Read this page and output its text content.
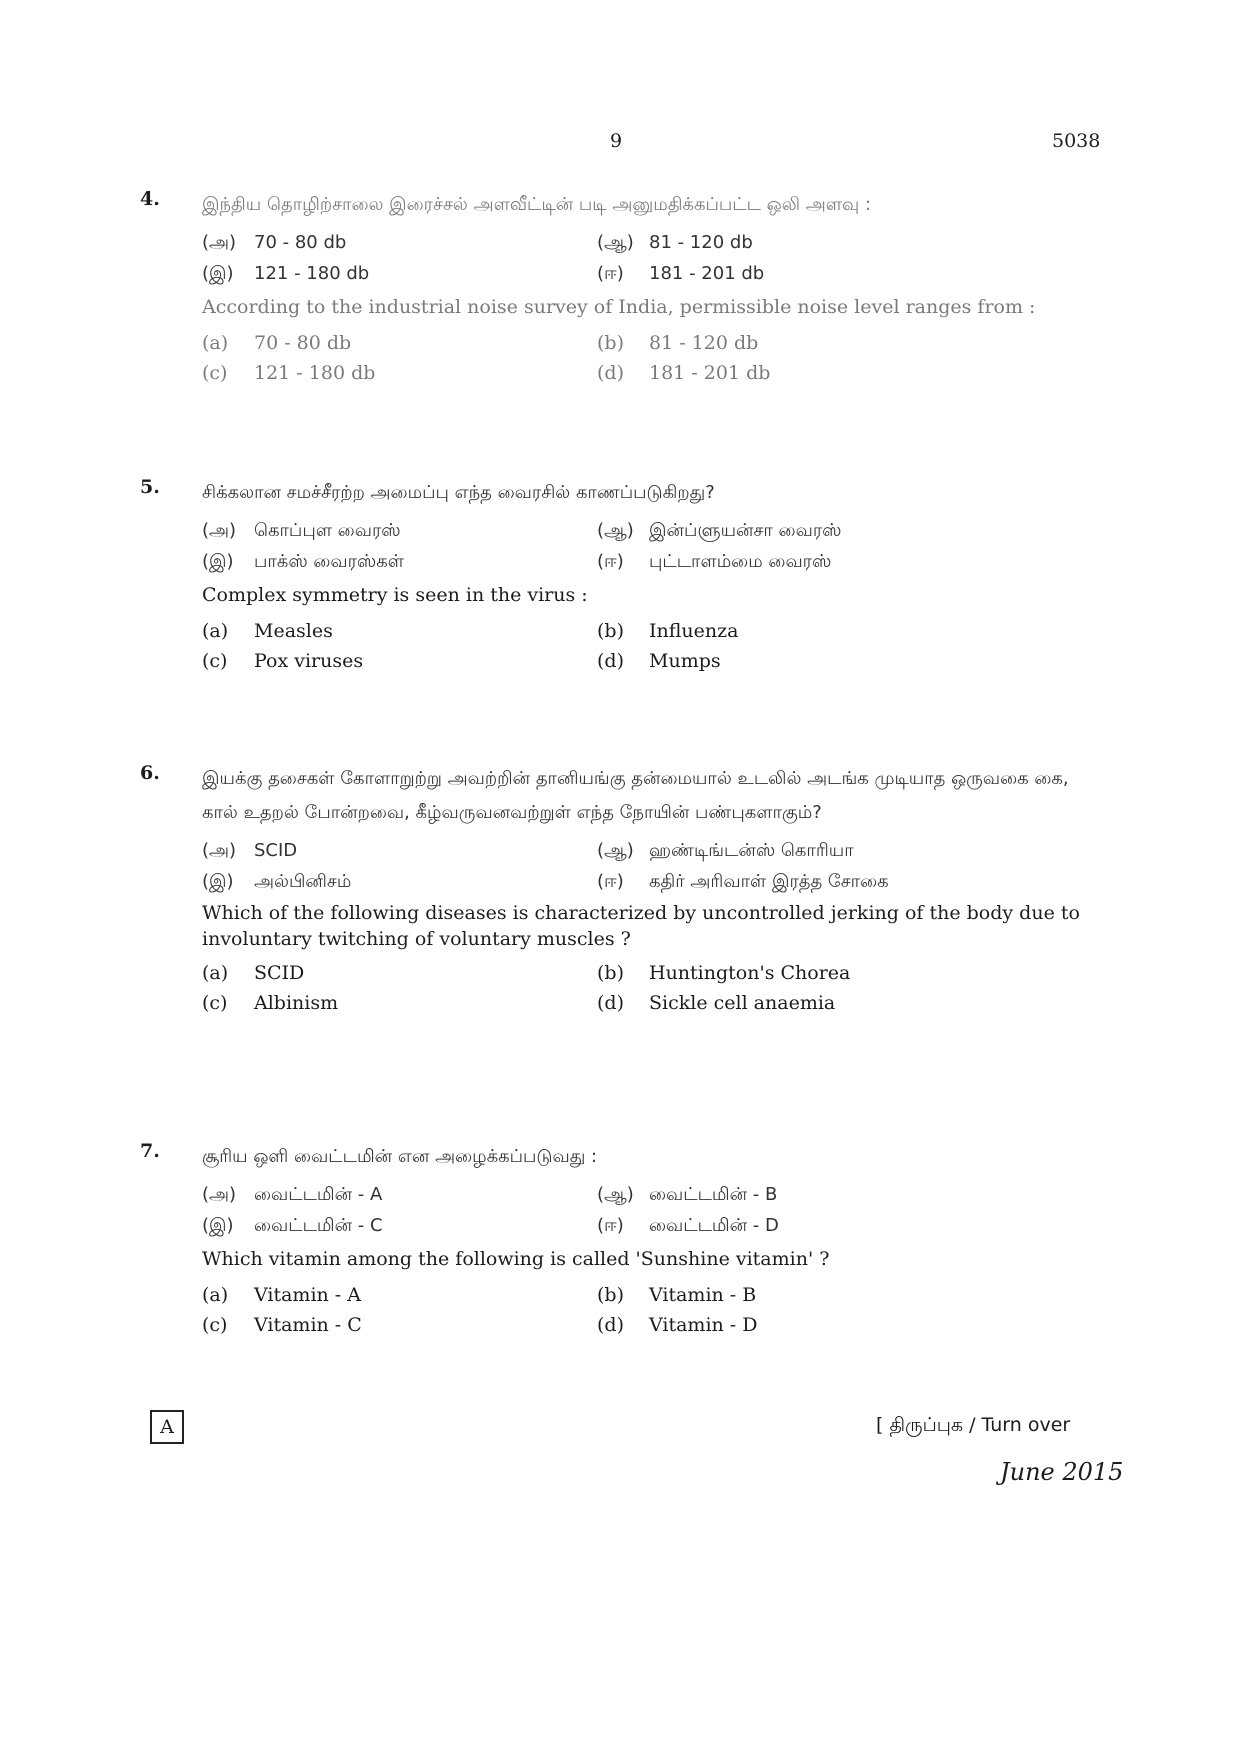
9	5038
4. இந்திய தொழிற்சாலை இரைச்சல் அளவீட்டின் படி அனுமதிக்கப்பட்ட ஒலி அளவு :
(அ) 70 - 80 db	(ஆ) 81 - 120 db
(இ)	121 - 180 db	(ஈ)	181 - 201 db
According to the industrial noise survey of India, permissible noise level ranges from :
(a)	70 - 80 db	(b)	81 - 120 db
(c)	121 - 180 db	(d)	181 - 201 db
5. சிக்கலான சமச்சீரற்ற அமைப்பு எந்த வைரசில் காணப்படுகிறது?
(அ) கொப்புள வைரஸ்	(ஆ) இன்ப்ளுயன்சா வைரஸ்
(இ)	பாக்ஸ் வைரஸ்கள்	(ஈ)	புட்டாளம்மை வைரஸ்
Complex symmetry is seen in the virus :
(a)	Measles	(b)	Influenza
(c)	Pox viruses	(d)	Mumps
6. இயக்கு தசைகள் கோளாறுற்று அவற்றின் தானியங்கு தன்மையால் உடலில் அடங்க முடியாத ஒருவகை கை, கால் உதறல் போன்றவை, கீழ்வருவனவற்றுள் எந்த நோயின் பண்புகளாகும்?
(அ) SCID	(ஆ) ஹண்டிங்டன்ஸ் கொரியா
(இ)	அல்பினிசம்	(ஈ)	கதிர் அரிவாள் இரத்த சோகை
Which of the following diseases is characterized by uncontrolled jerking of the body due to involuntary twitching of voluntary muscles ?
(a)	SCID	(b)	Huntington's Chorea
(c)	Albinism	(d)	Sickle cell anaemia
7. சூரிய ஒளி வைட்டமின் என அழைக்கப்படுவது :
(அ) வைட்டமின் - A	(ஆ) வைட்டமின் - B
(இ)	வைட்டமின் - C	(ஈ)	வைட்டமின் - D
Which vitamin among the following is called 'Sunshine vitamin' ?
(a)	Vitamin - A	(b)	Vitamin - B
(c)	Vitamin - C	(d)	Vitamin - D
A	[ திருப்புக / Turn over
June 2015
